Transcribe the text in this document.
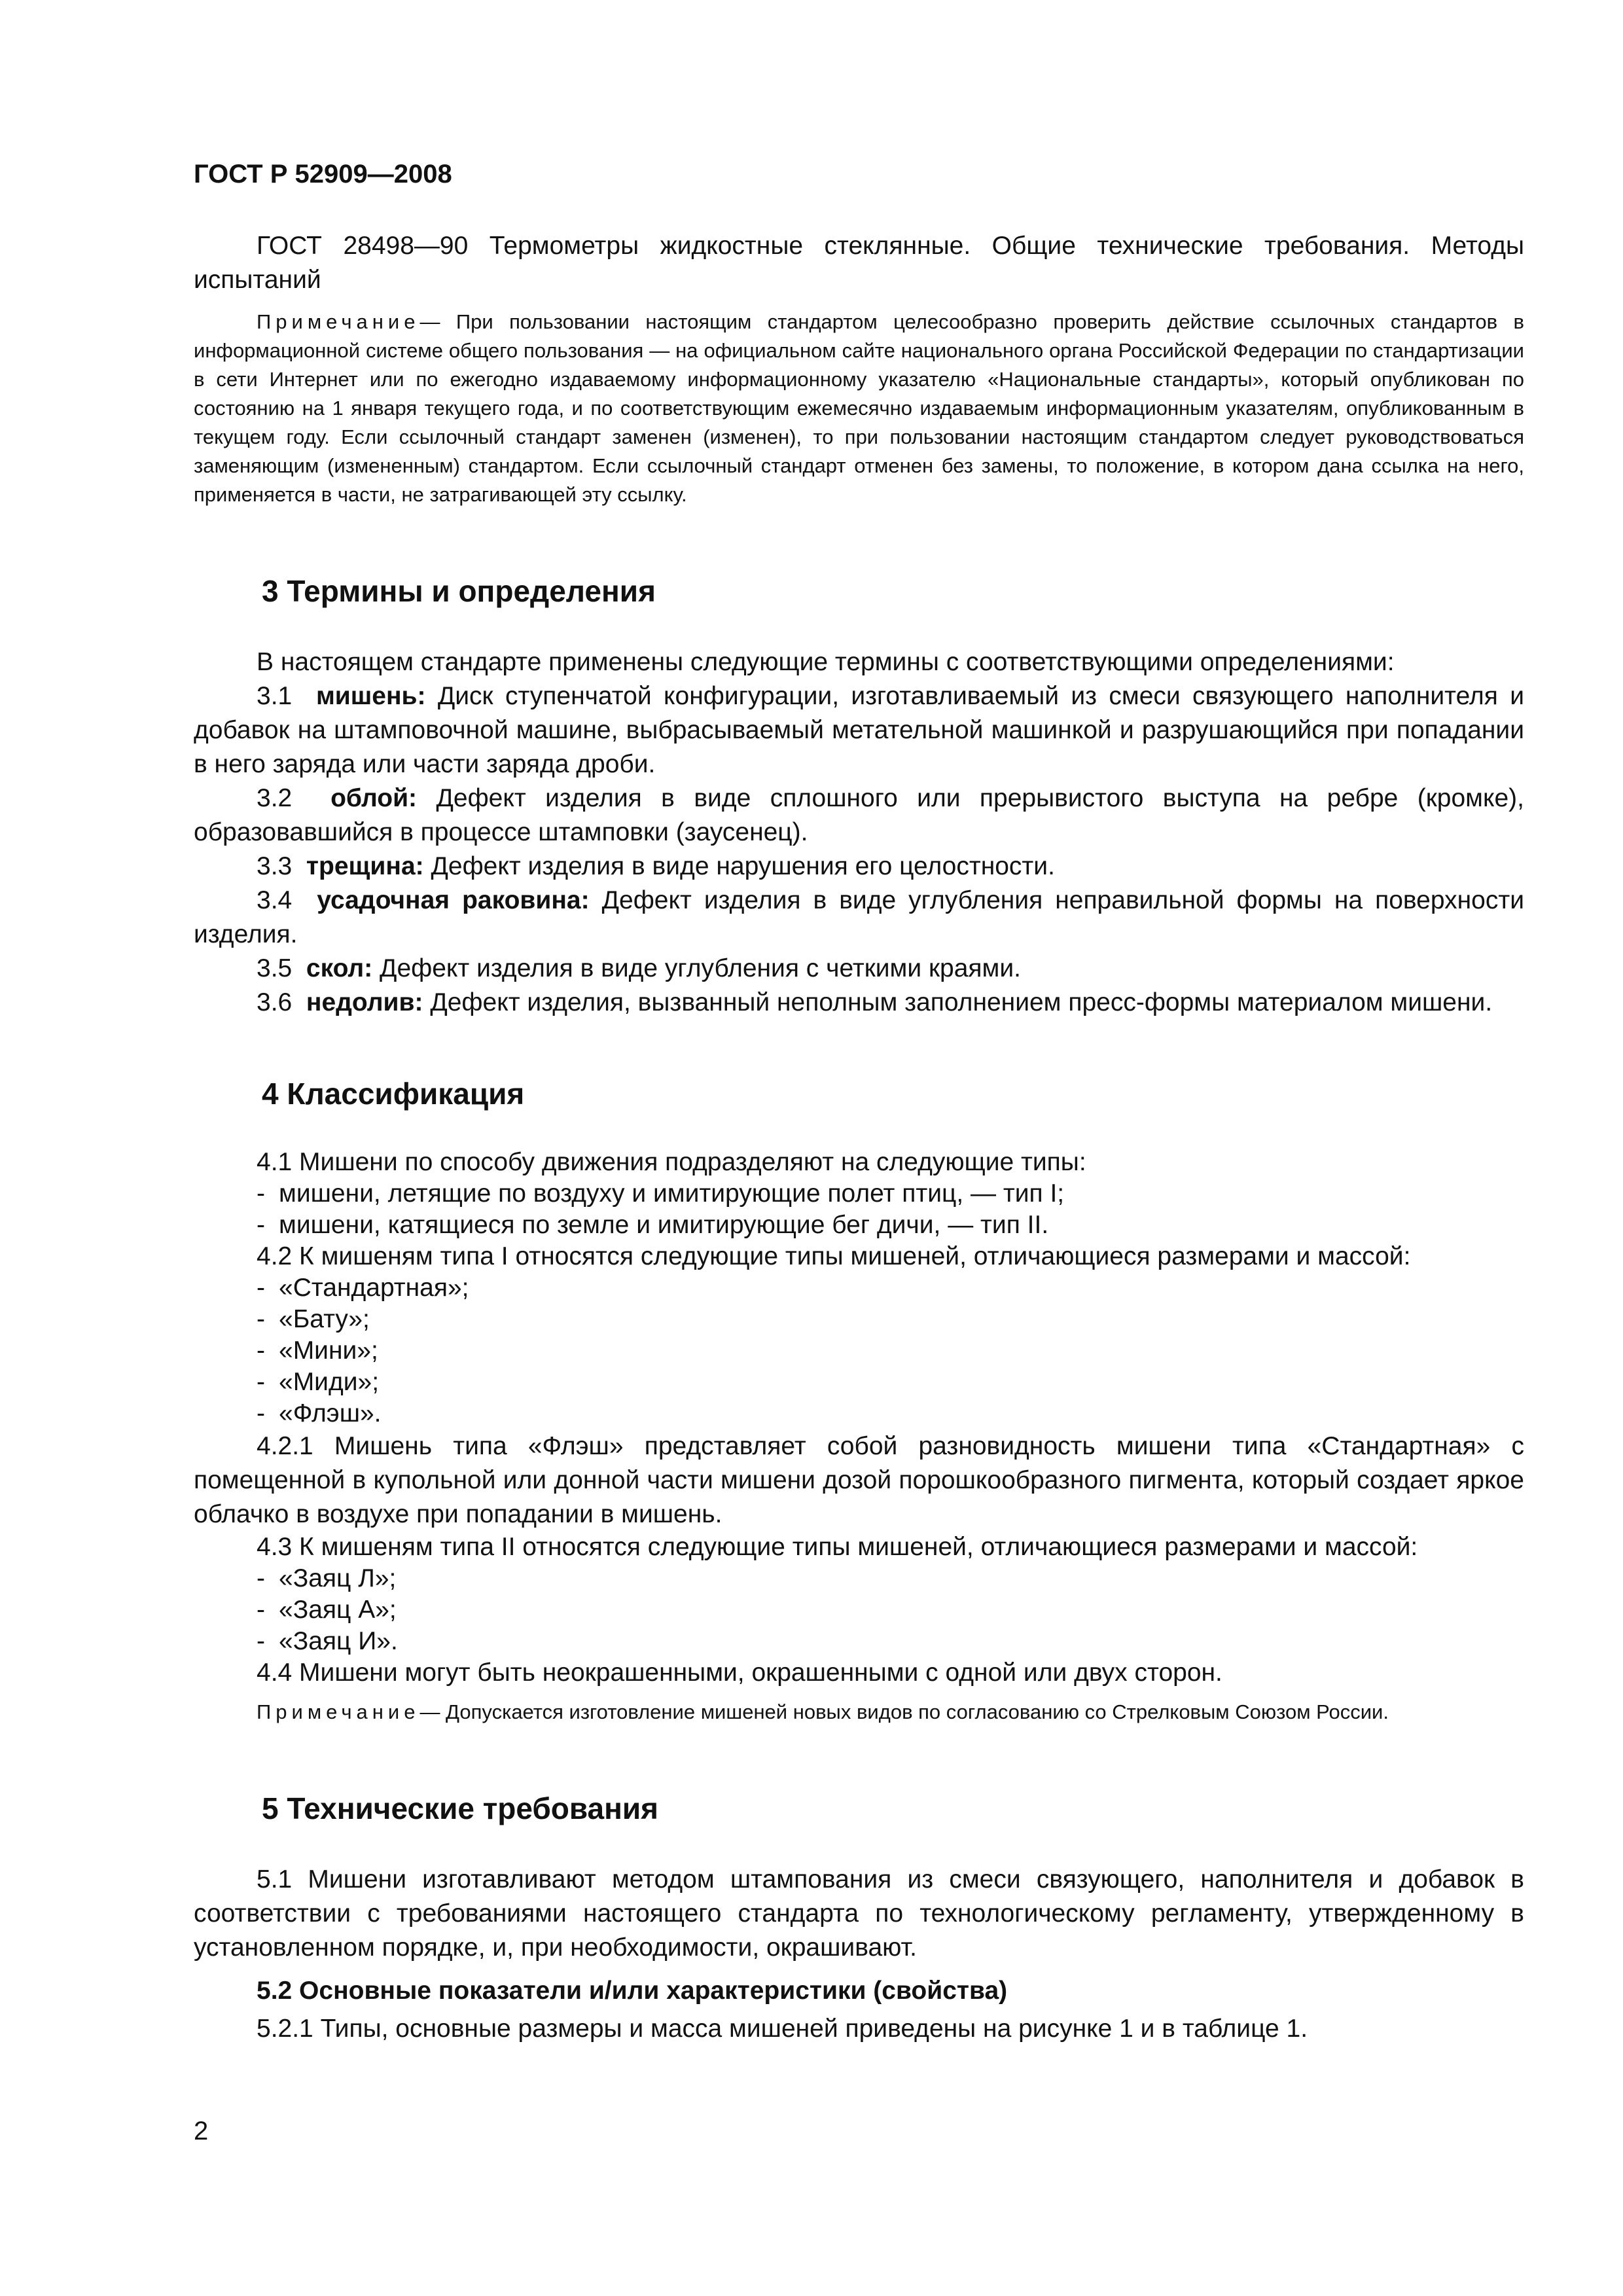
ГОСТ Р 52909—2008

ГОСТ 28498—90 Термометры жидкостные стеклянные. Общие технические требования. Методы испытаний

Примечание— При пользовании настоящим стандартом целесообразно проверить действие ссылочных стандартов в информационной системе общего пользования — на официальном сайте национального органа Российской Федерации по стандартизации в сети Интернет или по ежегодно издаваемому информационному указателю «Национальные стандарты», который опубликован по состоянию на 1 января текущего года, и по соответствующим ежемесячно издаваемым информационным указателям, опубликованным в текущем году. Если ссылочный стандарт заменен (изменен), то при пользовании настоящим стандартом следует руководствоваться заменяющим (измененным) стандартом. Если ссылочный стандарт отменен без замены, то положение, в котором дана ссылка на него, применяется в части, не затрагивающей эту ссылку.

3 Термины и определения

В настоящем стандарте применены следующие термины с соответствующими определениями:

3.1 мишень: Диск ступенчатой конфигурации, изготавливаемый из смеси связующего наполнителя и добавок на штамповочной машине, выбрасываемый метательной машинкой и разрушающийся при попадании в него заряда или части заряда дроби.

3.2 облой: Дефект изделия в виде сплошного или прерывистого выступа на ребре (кромке), образовавшийся в процессе штамповки (заусенец).

3.3 трещина: Дефект изделия в виде нарушения его целостности.

3.4 усадочная раковина: Дефект изделия в виде углубления неправильной формы на поверхности изделия.

3.5 скол: Дефект изделия в виде углубления с четкими краями.

3.6 недолив: Дефект изделия, вызванный неполным заполнением пресс-формы материалом мишени.

4 Классификация

4.1 Мишени по способу движения подразделяют на следующие типы:

- мишени, летящие по воздуху и имитирующие полет птиц, — тип I;

- мишени, катящиеся по земле и имитирующие бег дичи, — тип II.

4.2 К мишеням типа I относятся следующие типы мишеней, отличающиеся размерами и массой:

- «Стандартная»;

- «Бату»;

- «Мини»;

- «Миди»;

- «Флэш».

4.2.1 Мишень типа «Флэш» представляет собой разновидность мишени типа «Стандартная» с помещенной в купольной или донной части мишени дозой порошкообразного пигмента, который создает яркое облачко в воздухе при попадании в мишень.

4.3 К мишеням типа II относятся следующие типы мишеней, отличающиеся размерами и массой:

- «Заяц Л»;

- «Заяц А»;

- «Заяц И».

4.4 Мишени могут быть неокрашенными, окрашенными с одной или двух сторон.

Примечание— Допускается изготовление мишеней новых видов по согласованию со Стрелковым Союзом России.

5 Технические требования

5.1 Мишени изготавливают методом штампования из смеси связующего, наполнителя и добавок в соответствии с требованиями настоящего стандарта по технологическому регламенту, утвержденному в установленном порядке, и, при необходимости, окрашивают.

5.2 Основные показатели и/или характеристики (свойства)

5.2.1 Типы, основные размеры и масса мишеней приведены на рисунке 1 и в таблице 1.

2
